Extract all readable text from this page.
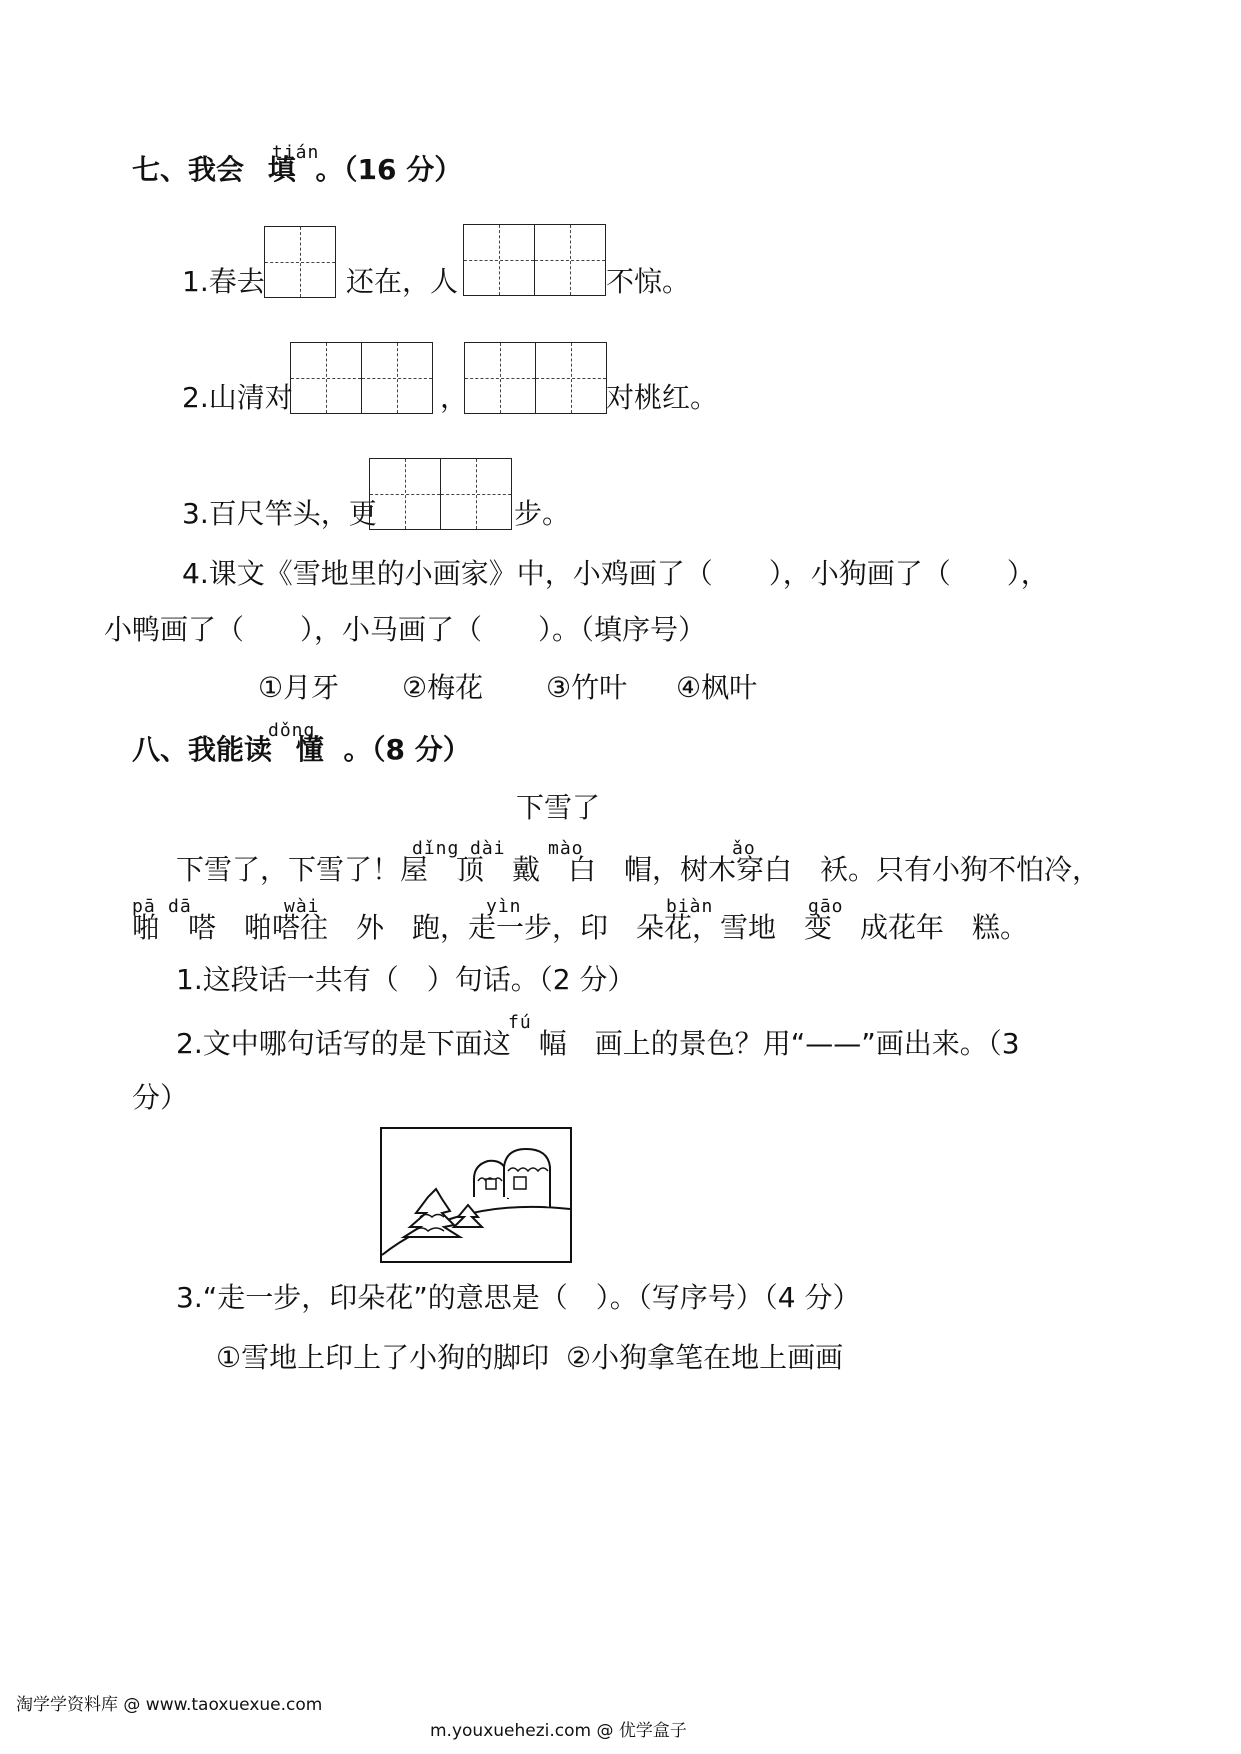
tián
七、我会 填 。（16 分）
1.春去	还在，人	不惊。
2.山清对	，	对桃红。
3.百尺竿头，更	步。
4.课文《雪地里的小画家》中，小鸡画了（　　），小狗画了（　　），
小鸭画了（　　），小马画了（　　）。（填序号）
①月牙 ②梅花 ③竹叶 ④枫叶
dǒng
八、我能读 懂 。（8 分）
下雪了
dǐng dài mào	ǎo
下雪了，下雪了！屋　顶　戴　白　帽，树木穿白　袄。只有小狗不怕冷，
pā dā	wài	yìn	biàn	gāo
啪　嗒　啪嗒往　外　跑，走一步，印　朵花，雪地　变　成花年　糕。
1.这段话一共有（　）句话。（2 分）
fú
2.文中哪句话写的是下面这　幅　画上的景色？用“——”画出来。（3
分）
3.“走一步，印朵花”的意思是（　）。（写序号）（4 分）
①雪地上印上了小狗的脚印 ②小狗拿笔在地上画画
淘学学资料库 @ www.taoxuexue.com
m.youxuehezi.com @ 优学盒子
